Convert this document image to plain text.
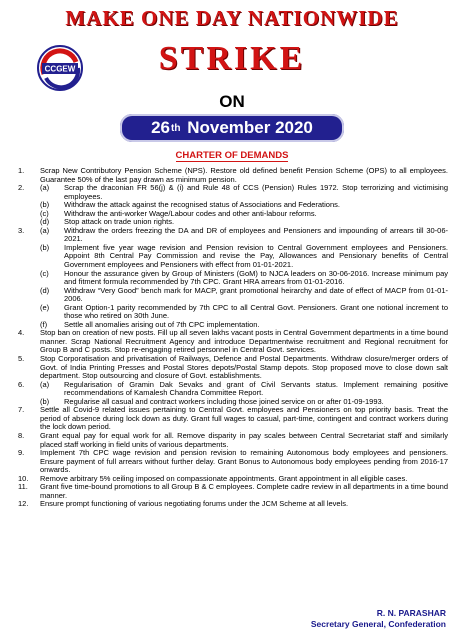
MAKE ONE DAY NATIONWIDE
CCGEW	STRIKE
ON
26 th
November 2020
CHARTER OF DEMANDS
1.	Scrap New Contributory Pension Scheme (NPS). Restore old defined benefit Pension Scheme (OPS) to all employees. Guarantee 50% of the last pay drawn as minimum pension.
2.	(a)	Scrap the draconian FR 56(j) & (i) and Rule 48 of CCS (Pension) Rules 1972. Stop terrorizing and victimising employees.
(b)	Withdraw the attack against the recognised status of Associations and Federations.
(c)	Withdraw the anti-worker Wage/Labour codes and other anti-labour reforms.
(d)	Stop attack on trade union rights.
3.	(a)	Withdraw the orders freezing the DA and DR of employees and Pensioners and impounding of arrears till 30-06-2021.
(b)	Implement five year wage revision and Pension revision to Central Government employees and Pensioners. Appoint 8th Central Pay Commission and revise the Pay, Allowances and Pensionary benefits of Central Government employees and Pensioners with effect from 01-01-2021.
(c)	Honour the assurance given by Group of Ministers (GoM) to NJCA leaders on 30-06-2016. Increase minimum pay and fitment formula recommended by 7th CPC. Grant HRA arrears from 01-01-2016.
(d)	Withdraw “Very Good” bench mark for MACP, grant promotional heirarchy and date of effect of MACP from 01-01-2006.
(e)	Grant Option-1 parity recommended by 7th CPC to all Central Govt. Pensioners. Grant one notional increment to those who retired on 30th June.
(f)	Settle all anomalies arising out of 7th CPC implementation.
4.	Stop ban on creation of new posts. Fill up all seven lakhs vacant posts in Central Government departments in a time bound manner. Scrap National Recruitment Agency and introduce Departmentwise recruitment and Regional recruitment for Group B and C posts. Stop re-engaging retired personnel in Central Govt. services.
5.	Stop Corporatisation and privatisation of Railways, Defence and Postal Departments. Withdraw closure/merger orders of Govt. of India Printing Presses and Postal Stores depots/Postal Stamp depots. Stop proposed move to close down salt department. Stop outsourcing and closure of Govt. establishments.
6.	(a)	Regularisation of Gramin Dak Sevaks and grant of Civil Servants status. Implement remaining positive recommendations of Kamalesh Chandra Committee Report.
(b)	Regularise all casual and contract workers including those joined service on or after 01-09-1993.
7.	Settle all Covid-9 related issues pertaining to Central Govt. employees and Pensioners on top priority basis. Treat the period of absence during lock down as duty. Grant full wages to casual, part-time, contingent and contract workers during the lock down period.
8.	Grant equal pay for equal work for all. Remove disparity in pay scales between Central Secretariat staff and similarly placed staff working in field units of various departments.
9.	Implement 7th CPC wage revision and pension revision to remaining Autonomous body employees and pensioners. Ensure payment of full arrears without further delay. Grant Bonus to Autonomous body employees pending from 2016-17 onwards.
10.	Remove arbitrary 5% ceiling imposed on compassionate appointments. Grant appointment in all eligible cases.
11.	Grant five time-bound promotions to all Group B & C employees. Complete cadre review in all departments in a time bound manner.
12.	Ensure prompt functioning of various negotiating forums under the JCM Scheme at all levels.
R. N. PARASHAR
Secretary General, Confederation
